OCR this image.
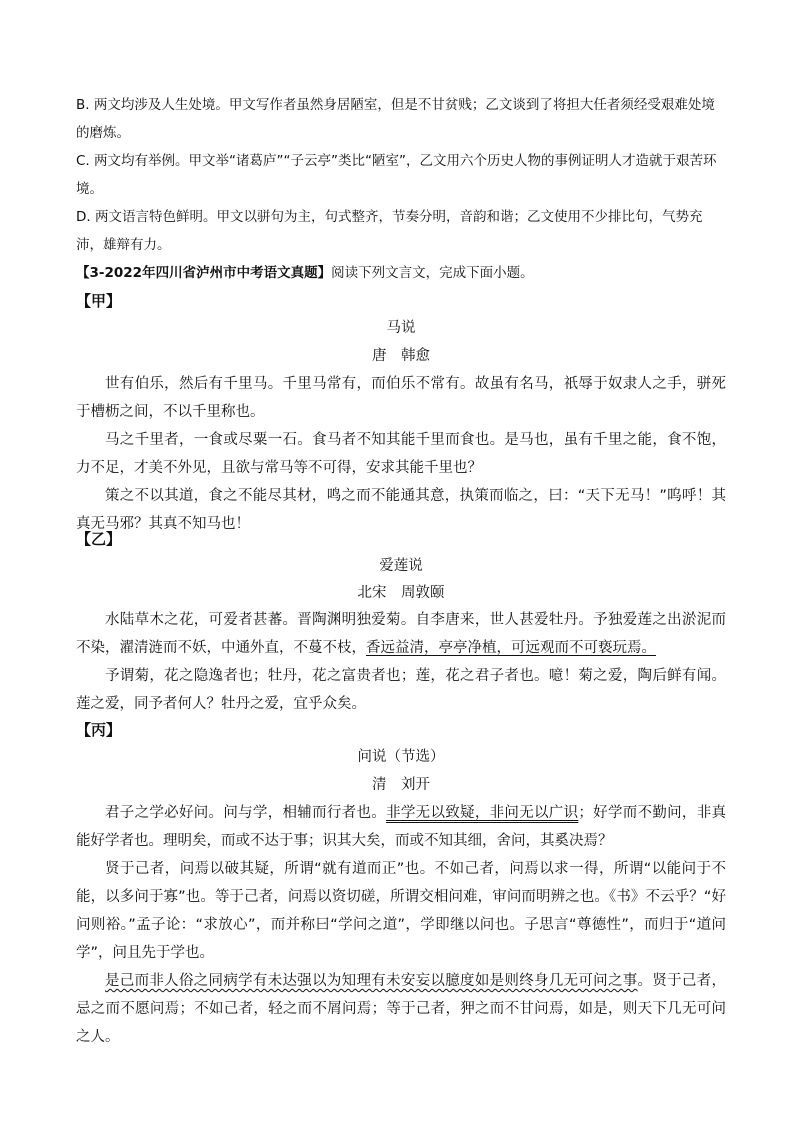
B. 两文均涉及人生处境。甲文写作者虽然身居陋室，但是不甘贫贱；乙文谈到了将担大任者须经受艰难处境的磨炼。

C. 两文均有举例。甲文举“诸葛庐”“子云亭”类比“陋室”，乙文用六个历史人物的事例证明人才造就于艰苦环境。

D. 两文语言特色鲜明。甲文以骈句为主，句式整齐，节奏分明，音韵和谐；乙文使用不少排比句，气势充沛，雄辩有力。

【3-2022年四川省泸州市中考语文真题】阅读下列文言文，完成下面小题。

【甲】
马说
唐　韩愈

世有伯乐，然后有千里马。千里马常有，而伯乐不常有。故虽有名马，祇辱于奴隶人之手，骈死于槽枥之间，不以千里称也。

马之千里者，一食或尽粟一石。食马者不知其能千里而食也。是马也，虽有千里之能，食不饱，力不足，才美不外见，且欲与常马等不可得，安求其能千里也？

策之不以其道，食之不能尽其材，鸣之而不能通其意，执策而临之，曰：“天下无马！”呜呼！其真无马邪？其真不知马也！

【乙】
爱莲说
北宋　周敦颐

水陆草木之花，可爱者甚蕃。晋陶渊明独爱菊。自李唐来，世人甚爱牡丹。予独爱莲之出淤泥而不染，濯清涟而不妖，中通外直，不蔓不枝，香远益清，亭亭净植，可远观而不可亵玩焉。

予谓菊，花之隐逸者也；牡丹，花之富贵者也；莲，花之君子者也。噫！菊之爱，陶后鲜有闻。莲之爱，同予者何人？牡丹之爱，宜乎众矣。

【丙】
问说（节选）
清　刘开

君子之学必好问。问与学，相辅而行者也。非学无以致疑，非问无以广识；好学而不勤问，非真能好学者也。理明矣，而或不达于事；识其大矣，而或不知其细，舍问，其奚决焉？

贤于己者，问焉以破其疑，所谓“就有道而正”也。不如己者，问焉以求一得，所谓“以能问于不能，以多问于寡”也。等于己者，问焉以资切磋，所谓交相问难，审问而明辨之也。《书》不云乎？“好问则裕。”孟子论：“求放心”，而并称曰“学问之道”，学即继以问也。子思言“尊德性”，而归于“道问学”，问且先于学也。

是己而非人俗之同病学有未达强以为知理有未安妄以臆度如是则终身几无可问之事。贤于己者，忌之而不愿问焉；不如己者，轻之而不屑问焉；等于己者，狎之而不甘问焉，如是，则天下几无可问之人。
